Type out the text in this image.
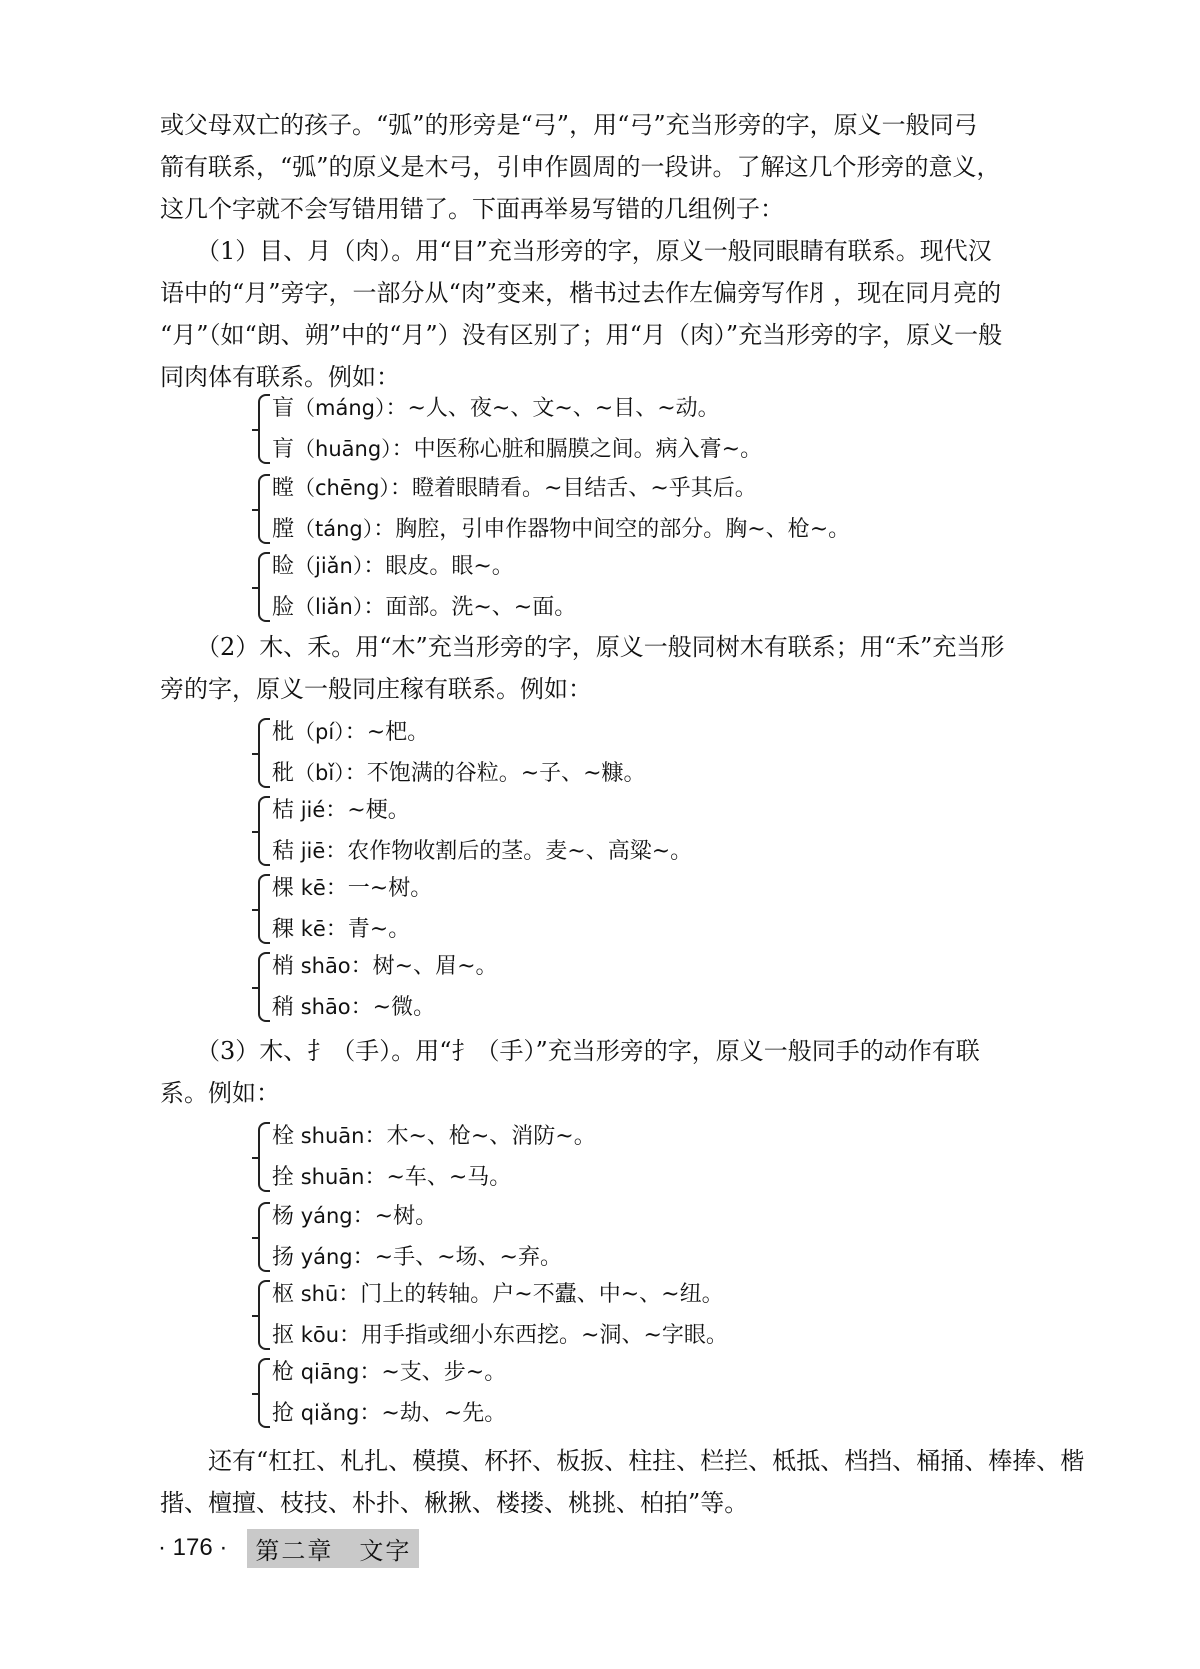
或父母双亡的孩子。“弧”的形旁是“弓”，用“弓”充当形旁的字，原义一般同弓
箭有联系，“弧”的原义是木弓，引申作圆周的一段讲。了解这几个形旁的意义，
这几个字就不会写错用错了。下面再举易写错的几组例子：
　　（1）目、月（肉）。用“目”充当形旁的字，原义一般同眼睛有联系。现代汉
语中的“月”旁字，一部分从“肉”变来，楷书过去作左偏旁写作⺼，现在同月亮的
“月”（如“朗、朔”中的“月”）没有区别了；用“月（肉）”充当形旁的字，原义一般
同肉体有联系。例如：
盲（máng）：~人、夜~、文~、~目、~动。
肓（huāng）：中医称心脏和膈膜之间。病入膏~。
瞠（chēng）：瞪着眼睛看。~目结舌、~乎其后。
膛（táng）：胸腔，引申作器物中间空的部分。胸~、枪~。
睑（jiǎn）：眼皮。眼~。
脸（liǎn）：面部。洗~、~面。
　　（2）木、禾。用“木”充当形旁的字，原义一般同树木有联系；用“禾”充当形
旁的字，原义一般同庄稼有联系。例如：
枇（pí）：~杷。
秕（bǐ）：不饱满的谷粒。~子、~糠。
桔 jié：~梗。
秸 jiē：农作物收割后的茎。麦~、高粱~。
棵 kē：一~树。
稞 kē：青~。
梢 shāo：树~、眉~。
稍 shāo：~微。
　　（3）木、扌（手）。用“扌（手）”充当形旁的字，原义一般同手的动作有联
系。例如：
栓 shuān：木~、枪~、消防~。
拴 shuān：~车、~马。
杨 yáng：~树。
扬 yáng：~手、~场、~弃。
枢 shū：门上的转轴。户~不蠹、中~、~纽。
抠 kōu：用手指或细小东西挖。~洞、~字眼。
枪 qiāng：~支、步~。
抢 qiǎng：~劫、~先。
　　还有“杠扛、札扎、模摸、杯抔、板扳、柱拄、栏拦、柢抵、档挡、桶捅、棒捧、楷
揩、檀擅、枝技、朴扑、楸揪、楼搂、桃挑、柏拍”等。
· 176 ·	第二章　文字
